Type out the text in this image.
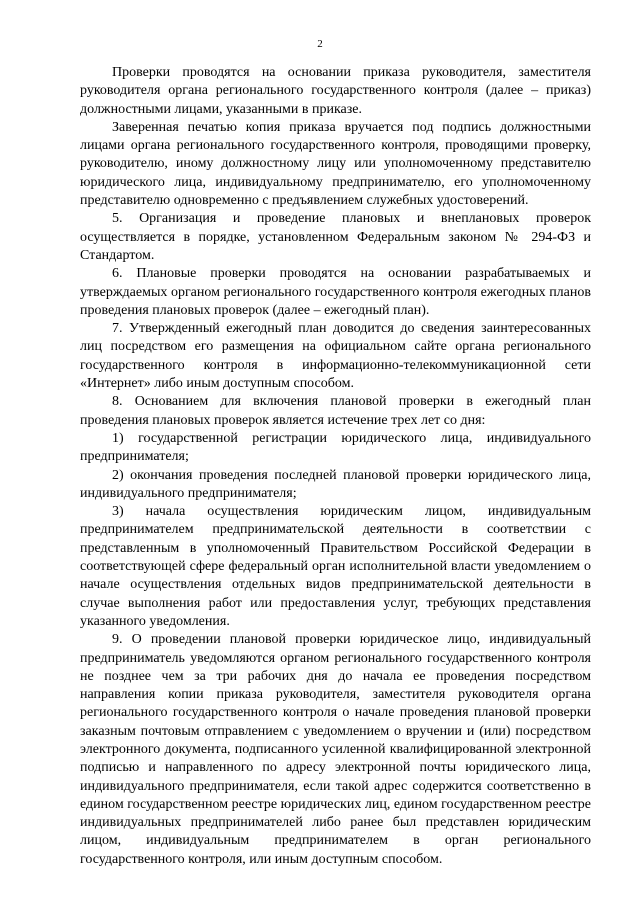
2

Проверки проводятся на основании приказа руководителя, заместителя руководителя органа регионального государственного контроля (далее – приказ) должностными лицами, указанными в приказе.

Заверенная печатью копия приказа вручается под подпись должностными лицами органа регионального государственного контроля, проводящими проверку, руководителю, иному должностному лицу или уполномоченному представителю юридического лица, индивидуальному предпринимателю, его уполномоченному представителю одновременно с предъявлением служебных удостоверений.

5. Организация и проведение плановых и внеплановых проверок осуществляется в порядке, установленном Федеральным законом № 294-ФЗ и Стандартом.

6. Плановые проверки проводятся на основании разрабатываемых и утверждаемых органом регионального государственного контроля ежегодных планов проведения плановых проверок (далее – ежегодный план).

7. Утвержденный ежегодный план доводится до сведения заинтересованных лиц посредством его размещения на официальном сайте органа регионального государственного контроля в информационно-телекоммуникационной сети «Интернет» либо иным доступным способом.

8. Основанием для включения плановой проверки в ежегодный план проведения плановых проверок является истечение трех лет со дня:

1) государственной регистрации юридического лица, индивидуального предпринимателя;

2) окончания проведения последней плановой проверки юридического лица, индивидуального предпринимателя;

3) начала осуществления юридическим лицом, индивидуальным предпринимателем предпринимательской деятельности в соответствии с представленным в уполномоченный Правительством Российской Федерации в соответствующей сфере федеральный орган исполнительной власти уведомлением о начале осуществления отдельных видов предпринимательской деятельности в случае выполнения работ или предоставления услуг, требующих представления указанного уведомления.

9. О проведении плановой проверки юридическое лицо, индивидуальный предприниматель уведомляются органом регионального государственного контроля не позднее чем за три рабочих дня до начала ее проведения посредством направления копии приказа руководителя, заместителя руководителя органа регионального государственного контроля о начале проведения плановой проверки заказным почтовым отправлением с уведомлением о вручении и (или) посредством электронного документа, подписанного усиленной квалифицированной электронной подписью и направленного по адресу электронной почты юридического лица, индивидуального предпринимателя, если такой адрес содержится соответственно в едином государственном реестре юридических лиц, едином государственном реестре индивидуальных предпринимателей либо ранее был представлен юридическим лицом, индивидуальным предпринимателем в орган регионального государственного контроля, или иным доступным способом.
